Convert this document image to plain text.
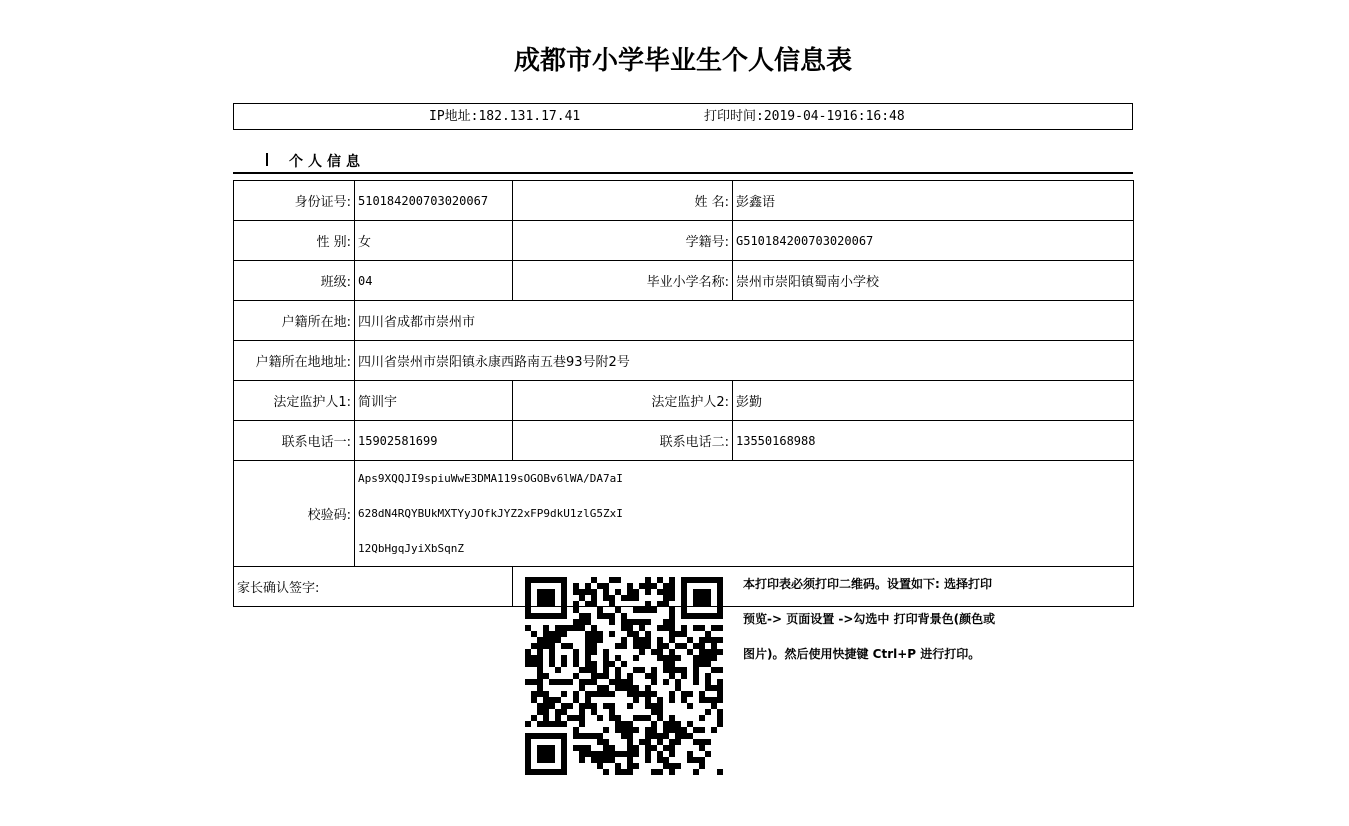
成都市小学毕业生个人信息表
IP地址:182.131.17.41	打印时间:2019-04-1916:16:48
个人信息
身份证号:	510184200703020067	姓 名:	彭鑫语
性 别:	女	学籍号:	G510184200703020067
班级:	04	毕业小学名称:	崇州市崇阳镇蜀南小学校
户籍所在地:	四川省成都市崇州市		
户籍所在地地址:	四川省崇州市崇阳镇永康西路南五巷93号附2号		
法定监护人1:	简训宇	法定监护人2:	彭勤
联系电话一:	15902581699	联系电话二:	13550168988
校验码:	Aps9XQQJI9spiuWwE3DMA119sOGOBv6lWA/DA7aI
628dN4RQYBUkMXTYyJOfkJYZ2xFP9dkU1zlG5ZxI
12QbHgqJyiXbSqnZ		

家长确认签字:		本打印表必须打印二维码。设置如下: 选择打印
预览-> 页面设置 ->勾选中 打印背景色(颜色或
图片)。然后使用快捷键 Ctrl+P 进行打印。	
